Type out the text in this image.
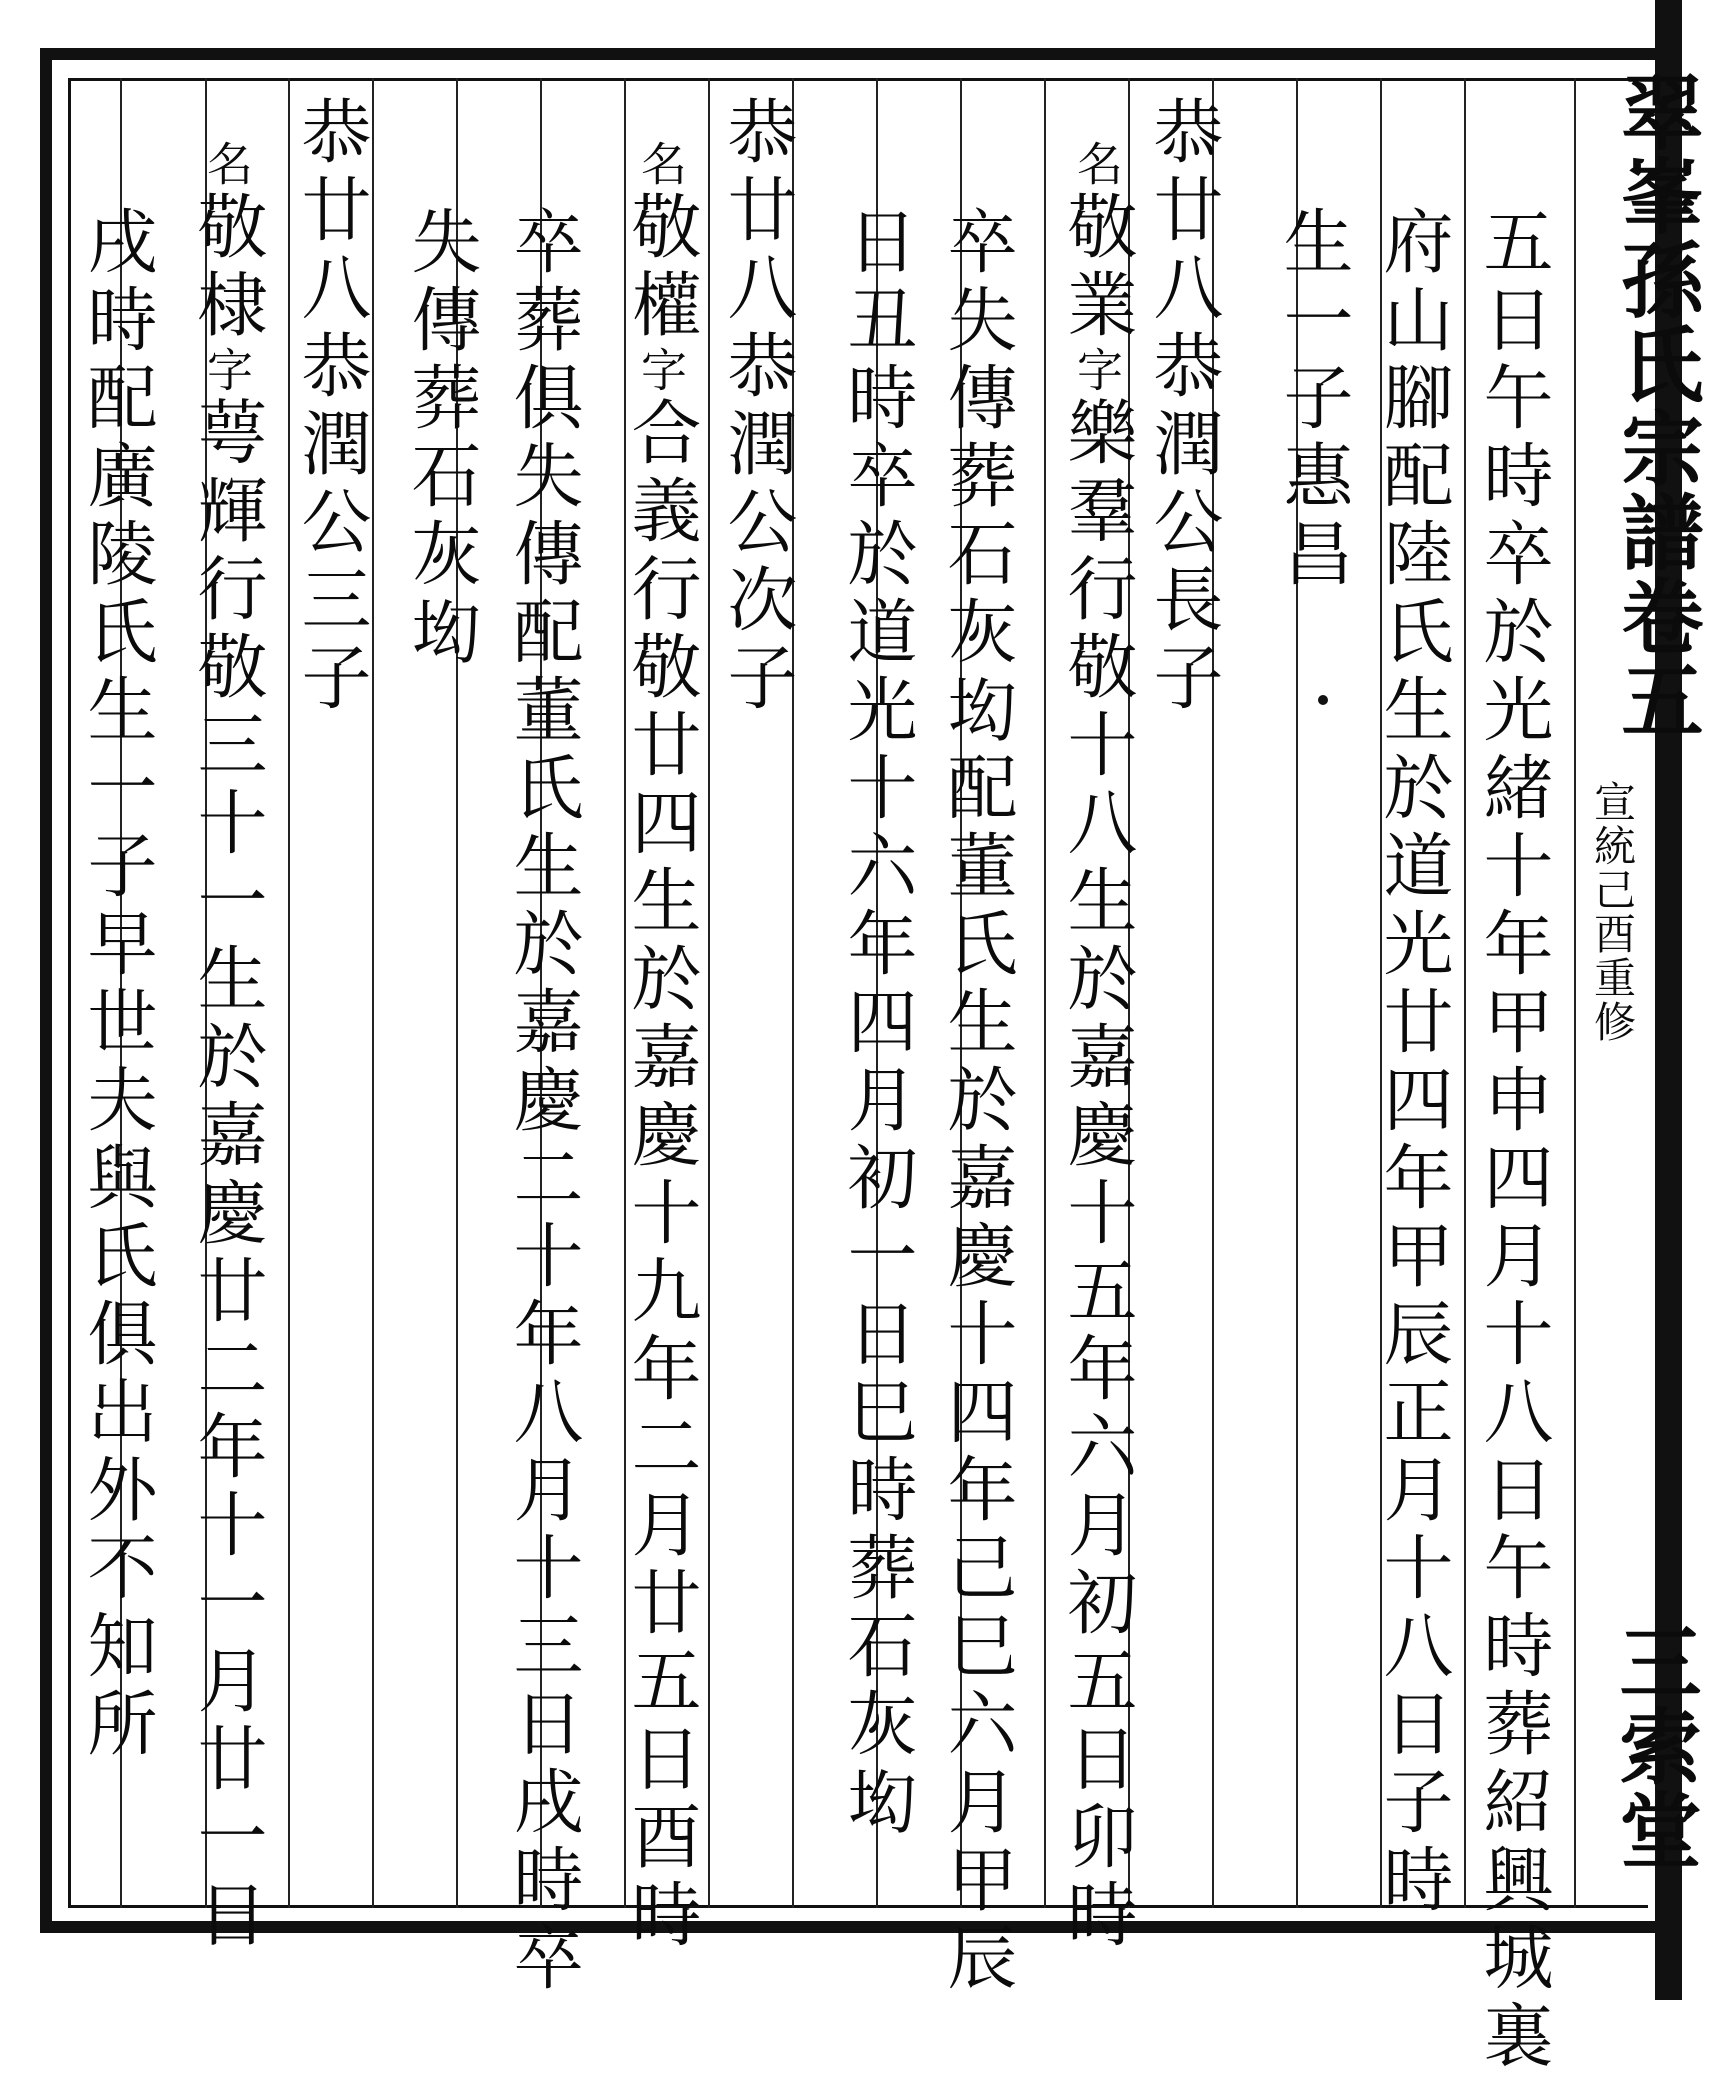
翠峯孫氏宗譜卷五
宣統己酉重修
三索堂
五日午時卒於光緒十年甲申四月十八日午時葬紹興城裏
府山腳配陸氏生於道光廿四年甲辰正月十八日子時
生一子惠昌
恭廿八恭潤公長子
名敬業字樂羣行敬十八生於嘉慶十五年六月初五日卯時
卒失傳葬石灰㘭配董氏生於嘉慶十四年己巳六月甲辰
日丑時卒於道光十六年四月初一日巳時葬石灰㘭
恭廿八恭潤公次子
名敬權字合義行敬廿四生於嘉慶十九年二月廿五日酉時
卒葬俱失傳配董氏生於嘉慶二十年八月十三日戌時卒
失傳葬石灰㘭
恭廿八恭潤公三子
名敬棣字萼輝行敬三十一生於嘉慶廿二年十一月廿一日
戌時配廣陵氏生一子早世夫與氏俱出外不知所
